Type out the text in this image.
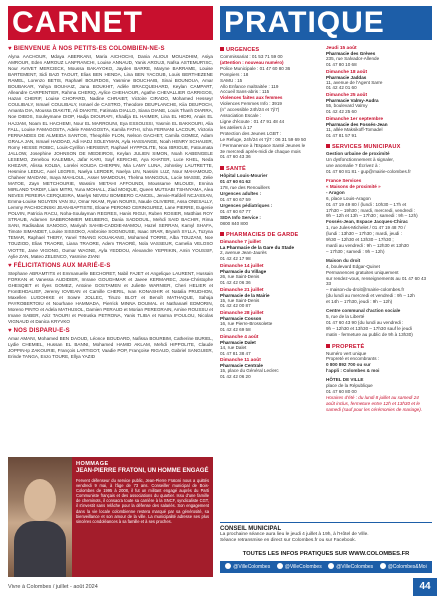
CARNET	PRATIQUE
♥ BIENVENUE À NOS PETITS-ES COLOMBIEN-NE-S
Alyna AACHOUR, Mdaya ABERKANI, Maria AICHOCHI, Dania ALIOUI MOUADHIM, Asiya AMROUR, Eden AMROUZ LANFRANCHI, Louise ANNAUD, Yanis AROUJI, Nafsa ASTEMUR'ISC, Nour AVIVET MERCIECK, Moussa BAKAYOKO, Jayden BARRE, Maryne BARRAME, Louise BARTEMENT, Sidi BAZI TAOUIT, Elias BEN HENDA, Lina BEN YACOUB, Louis BERTHEZENE RAMEL, Lorenzo BETIS, Raphaël BOURDOS, Yasmine BOUCHAIB, Sinai BOUNOUA, Amar BOUBAKAR, Yahya BOUHAIZ, Jana BOUKHIT, Adèle BRACQUEHARD, Keylan CAMPART, Alleandre CARPENTIER, Rahma CHERIQ, Aylice CHEHAOUR, Agathe CHEVALLIER GARRIGOS, Hazan CHERIF, Louise CHOPARD, Nadine CHRAIBT, Victoire CIRADO, Mohamed Hesseyr COULIBALY, Ismael COULIBALY, Ismael de CASTRO, Theodore DEUPLANCHE, Kiia DEUPOCH, Amanta DIA, Moussa DIAKITE, Ali DIAKITE, Fatimata DIALLO, Siana DIANE, Louis Thanh DIARRA, Noe DIBOS, Souleymane DIOP, Hadja DIOURAFI, Khadija EL HAIMER, Lina EL HIDRI, Anais EL HAJJAM, Noam EL HACHEMI, Nour EL MARROUNI, Eya ESSOUSSI, Yasmin EL BAKKOURI, Alia FALL, Louise FAMAGOSTA, Adele FAMAGOSTA, Kamila FATHI, Ichra FERNANI LACOUR, Victoria FERNANDES DE ALMEIDA SANTOS, Theophile FLON, Nelson GACHET, Camila GOMEZ, Adam GRALA JAN, Ismael HADDAD, Adi HADJ SOLEYMAN, Ayla HASSANGE, Noah HENRY SCHAUER, Romy HESSE ROBIC, Louis-Cyrillon HERSENT, Raphael HYPPOLITE, Noa IBRIGUE, Fatoumata JALLOW, Josephine JOHNSON DE MEDEIROS, Keylan JULIEN SIMON, Noah KABENGELE LESEMO, Zenebou KALEMBA, Jafar KARI, Sayf KERICHE, Aya KHATER, Luce KHEL, Neda KHEZAR, Alissa KOLBA, Lorelei KOUDA CHERPIN, Mia LAMY LUNA, Johnsley LAUTRETTE, Hesmine LEDUC, Axel LEGRIS, Naelya LERDER, Naelya LIN, Nassim LUZ, Nour MAHAMOUD, Chaheer MAIDANI, Inaya MAHLOUL, Asser MAMDOUH, Thelma MANGOUL, Lucie MASSE, Zelie MATOE, Zayn METCHOURIE, Wassim METAHI AFFOUNDI, Moussame MILOUDI, Ennina MIRLAND TARDIF, Liam MITRI, Yuna MOHALL, Ziad MOIQUE, Queen MUTSABI TSHNYAMA, Alea NEVES PEREIRA CERQUEIRA, Maelys NEVEU BOMBERO CANCEL, Jenvie-Rafdell NCJASSAN, Emma-Louise NGUYEN VAN SU, Omar NKAM, Ryan NOURS, Naude OLIVIERE, Assa ONESALLY, Lemmy PACHOCINSKI JEAN-BAPTISTE, Eloane PERONO CERINGUREZ, Lane PIERRE, Eugenie POLVIN, Patricia RACU, Noha-Soulayman REGRES, Hanis RIGUI, Ruben ROSIER, Matthias ROY STRAUB, Adamen SABBRONMER MEUBERG, Dania SADDOUIL, Mehdi SAID BACHIR, Rima SANI, Radisabas SANOGO, Mariyah SAHIB-CADDIE-MAMOU, Hazel SERRAN, Kamyl SHAFA, Timote SIMANDET, Louise SISSOKO, Ambroise SOGNOUSE, Isaac SRAR, Bryanh SYLLA, Tozyna TEMAR, Raphael THERY, Yanel TINANG KOUAKANG, Mohamed TORRE, Alba TOUZANI, Noe TOUZIOD, Elias TRAORE, Liana TRAORE, Adem TRAORÉ, Nola VASSEUR, Camelia VELOSO VIOTTE, Jane VIGONG, Oumar WAGNE, Ayla YEDDOU, Alexandre YEPRIKIN, Amin YOUSSIF, Aylie ZAN, Mateo ZELENCO, Yasmine ZIANI
♥ FÉLICITATIONS AUX MARIÉ-E-S
Stephane ABRAMTITS et Emmanuelle BECHORET, Nabil FAJET et Angelique LAURENT, Hussain FORKAN et Vanessa AUDIDIER, Imrane GOUGHMAR et Jaeee KERMAREC, Jose-Christophe GHESQIET et Ilyes GOMEZ, Antoine GOSTAMEN et Juliette WARNIER, Cheri HELIER et FrontEHDALIEF, Jeremy IOVIEAN et Camille CHERIL, Ivan KONASHIR et Natalia PRUDHON, Maxellen LUGOHIKE et Sowre JOLLEC, Tiruzo BLOT et Benoît MATHAQUE, Sahaja PAYROBERTOIU et Nourhane HAMMADA, Pierrick MINNA DOUMAL et Nathanaël EDMORIN, Moreno PINTO et Adela MATHUSOL, Damien PERAUD et Morian PEREGRAIN, Amine ROUSSU et Imane SABER, Aziz TAOURI et Petruska PETRONA, Yanis TLIBA et Naïma IFOULOU, Nicolas VIGNAUD et Danica KRYVKO
♥ NOS DISPARU-E-S
Amar AMANI, Mohamed BEN DAOUD, Léonce BOUDARD, Nafissa BOURBIM, Catherine BURIEL, Lydie CHEMIEL, Hussan EL BANNI, Mohamed HAMID AKLAM, Mehdi HIPPOLITE, Claude JOPPIN-Ip ZAKOURIE, François LARTIGOT, Vaadie POP, Françoise RIGAUD, Gabriel SANGUIER, Erinde TANGA, Enzo TOURE, Ellya YAZID
HOMMAGE
JEAN-PIERRE FRATONI, UN HOMME ENGAGÉ
Fervent défenseur du service public, Jean-Pierre Fratoni nous a quittés vendredi 9 mai, à l'âge de 73 ans. Conseiller municipal de Bois-Colombes de 1995 à 2008, il fut un militant engagé auprès du Parti Communiste français et des associations du quartier. Issu d'une famille de cheminots, il consacra toute sa carrière à la SNCF, syndicaliste CGT, il s'investit sans relâche pour la défense des salariés. Son engagement dans la vie locale colombienne restera marqué par sa générosité, sa bienveillance et son amour de la ville. La municipalité adresse ses plus sincères condoléances à sa famille et à ses proches.
Vivre à Colombes / juillet - août 2024	44
URGENCES
Commissariat : 01 53 71 59 00
(attention : nouveau numéro)
Police Municipale : 01 47 60 80 36
Pompiers : 18
SAMU : 15
Allo Enfance maltraitée : 119
Accueil Sans-abris : 115
Violences faites aux femmes
Violences Femmes Info : 3919
(n° accessible 24h/24 et 7j/7)
Association Escale :
Ligne d'écoute : 01 47 91 48 44
les ateliers à 17
Protection des Jeunes LGBT :
Le Refuge, 24h/24 et 7j/7 : 06 31 59 69 50
/ Permanence à l'Espace Santé Jeunes le
3e mercredi après-midi de chaque mois
01 47 60 43 36
SANTÉ
Hôpital Louis-Mourier
01 47 60 61 62
178, rue des Renouillers
Urgences adultes :
01 47 60 67 59
Urgences pédiatriques :
01 47 60 67 77
SIDA Info Service :
0800 840 800
PHARMACIES DE GARDE
Dimanche 7 juillet
La Pharmacie de la Gare du Stade
2, avenue Jean-Jaurès
01 42 42 17 98
Dimanche 14 juillet
Pharmacie du Village
26, rue Saint-Denis
01 42 42 06 36
Dimanche 21 juillet
Pharmacie de la Mairie
15, rue Saint-Denis
01 42 42 00 87
Dimanche 28 juillet
Pharmacie Cosson
16, rue Pierre-Brossolette
01 42 42 69 58
Dimanche 4 août
Pharmacie Dalet
14, rue Dalet
01 47 81 38 47
Dimanche 11 août
Pharmacie Centrale
15, place du Général Leclerc
01 42 42 06 20
Jeudi 15 août
Pharmacie des Grèves
235, rue Salvador-Allende
01 47 80 10 68
Dimanche 18 août
Pharmacie Jaddas
11, avenue de l'Agent Sarre
01 42 42 01 60
Dimanche 25 août
Pharmacie Valmy-Audra
55, boulevard Valmy
01 42 42 25 60
Dimanche 1er septembre
Pharmacie des Fossés-Jean
11, allée Maksikoff-Tomadel
01 47 81 57 91
SERVICES MUNICIPAUX
Gestion urbaine de proximité
Un dysfonctionnement à signaler,
une anomalie ? Écrivez à :
01 47 60 81 81 - gup@mairie-colombes.fr
France Services
« Maisons de proximité »
- Aragon
6, place Louis-Aragon
01 47 19 49 80 / (lundi : 10h30 – 17h et
17h30 – 19h30 ; mardi, mercredi, vendredi :
9h – 12h et 13h – 17h30 ; samedi : 9h – 12h)
Fossés-Jean, Espace Jacques-Chirac
1, rue Jules-Michelet / 01 47 19 48 70 /
(lundi : 13h30 – 17h30 ; mardi, jeudi :
9h30 – 12h30 et 13h30 – 17h30 ;
mardi au vendredi : 9h – 12h30 et 13h30
– 17h30 ; samedi : 9h – 12h)
Maison du droit
4, boulevard Edgar-Quinet
Permanences gratuites uniquement
sur rendez-vous, renseignements au 01 47 60 43 33
– maison-du-droit@mairie-colombes.fr
(du lundi au mercredi et vendredi : 9h – 12h
et 14h – 17h30, jeudi : 9h – 12h)
Centre communal d'action sociale
5, rue de la Liberté
01 47 60 43 90 (du lundi au vendredi :
9h – 12h30 et 13h30 – 17h30 sauf le jeudi
matin - fermeture au public de 9h à 13h30)
PROPRETÉ
Numéro vert unique
Propreté et encombrants :
0 800 892 700 ou sur
l'appli : Colombes & moi
HÔTEL DE VILLE
place de la République
01 47 60 80 00
Horaires d'été : du lundi 8 juillet au samedi 24
août inclus, fermeture entre 12h et 13h30 et le
samedi (sauf pour les cérémonies de mariage).
CONSEIL MUNICIPAL
La prochaine séance aura lieu le jeudi 4 juillet à 19h, à l'Hôtel de Ville.
Séance retransmise en direct sur Colombes.fr ou sur Facebook.
TOUTES LES INFOS PRATIQUES SUR WWW.COLOMBES.FR
@VilleColombes	@VilleColombes	@VilleColombes	@Colombes&Moi
